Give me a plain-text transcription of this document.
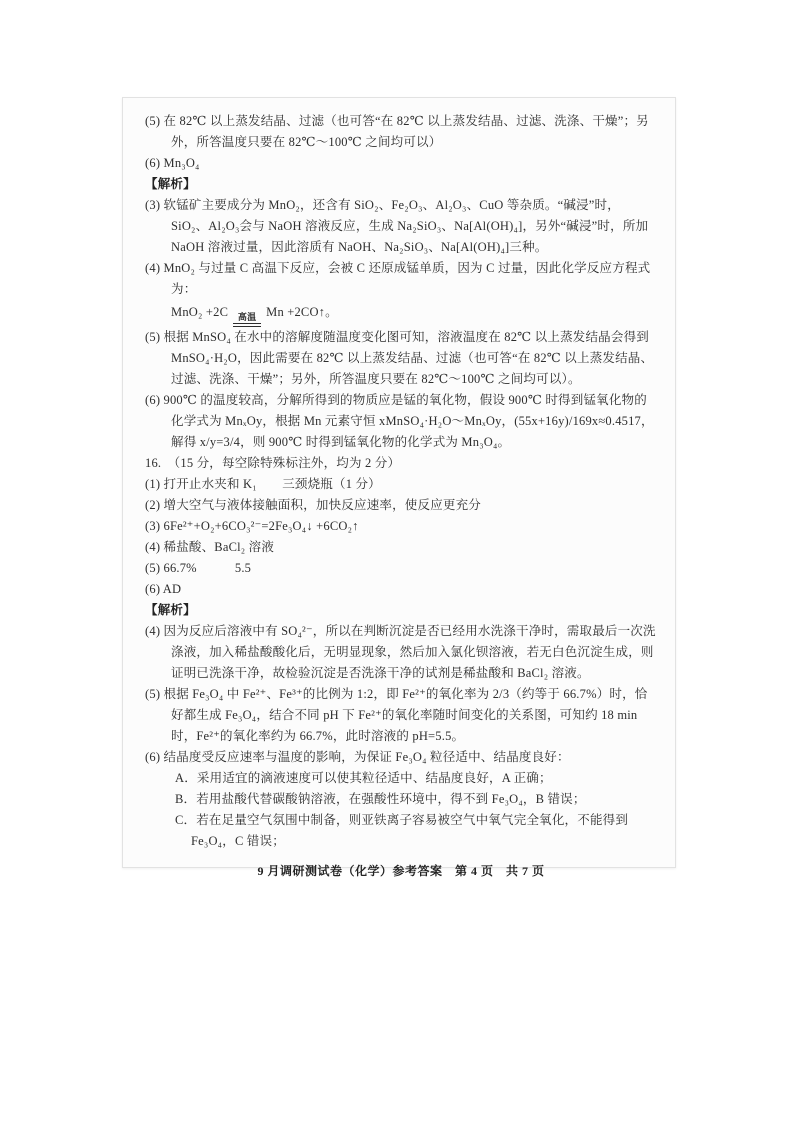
(5) 在 82℃ 以上蒸发结晶、过滤（也可答“在 82℃ 以上蒸发结晶、过滤、洗涤、干燥”；另外，所答温度只要在 82℃～100℃ 之间均可以）
(6) Mn₃O₄
【解析】
(3) 软锰矿主要成分为 MnO₂，还含有 SiO₂、Fe₂O₃、Al₂O₃、CuO 等杂质。“碱浸”时，SiO₂、Al₂O₃会与 NaOH 溶液反应，生成 Na₂SiO₃、Na[Al(OH)₄]，另外“碱浸”时，所加 NaOH 溶液过量，因此溶质有 NaOH、Na₂SiO₃、Na[Al(OH)₄]三种。
(4) MnO₂ 与过量 C 高温下反应，会被 C 还原成锰单质，因为 C 过量，因此化学反应方程式为：
MnO₂ +2C 高温 Mn +2CO↑。
(5) 根据 MnSO₄ 在水中的溶解度随温度变化图可知，溶液温度在 82℃ 以上蒸发结晶会得到 MnSO₄·H₂O，因此需要在 82℃ 以上蒸发结晶、过滤（也可答“在 82℃ 以上蒸发结晶、过滤、洗涤、干燥”；另外，所答温度只要在 82℃～100℃ 之间均可以）。
(6) 900℃ 的温度较高，分解所得到的物质应是锰的氧化物，假设 900℃ 时得到锰氧化物的化学式为 MnₓOy，根据 Mn 元素守恒 xMnSO₄·H₂O～MnₓOy，(55x+16y)/169x≈0.4517，解得 x/y=3/4，则 900℃ 时得到锰氧化物的化学式为 Mn₃O₄。
16.　（15 分，每空除特殊标注外，均为 2 分）
(1) 打开止水夹和 K₁　　三颈烧瓶（1 分）
(2) 增大空气与液体接触面积，加快反应速率，使反应更充分
(3) 6Fe²⁺+O₂+6CO₃²⁻=2Fe₃O₄↓ +6CO₂↑
(4) 稀盐酸、BaCl₂ 溶液
(5) 66.7%　　　5.5
(6) AD
【解析】
(4) 因为反应后溶液中有 SO₄²⁻，所以在判断沉淀是否已经用水洗涤干净时，需取最后一次洗涤液，加入稀盐酸酸化后，无明显现象，然后加入氯化钡溶液，若无白色沉淀生成，则证明已洗涤干净，故检验沉淀是否洗涤干净的试剂是稀盐酸和 BaCl₂ 溶液。
(5) 根据 Fe₃O₄ 中 Fe²⁺、Fe³⁺的比例为 1:2，即 Fe²⁺的氧化率为 2/3（约等于 66.7%）时，恰好都生成 Fe₃O₄，结合不同 pH 下 Fe²⁺的氧化率随时间变化的关系图，可知约 18 min 时，Fe²⁺的氧化率约为 66.7%，此时溶液的 pH=5.5。
(6) 结晶度受反应速率与温度的影响，为保证 Fe₃O₄ 粒径适中、结晶度良好：
A．采用适宜的滴液速度可以使其粒径适中、结晶度良好，A 正确；
B．若用盐酸代替碳酸钠溶液，在强酸性环境中，得不到 Fe₃O₄，B 错误；
C．若在足量空气氛围中制备，则亚铁离子容易被空气中氧气完全氧化，不能得到 Fe₃O₄，C 错误；
9 月调研测试卷（化学）参考答案　第 4 页　共 7 页
